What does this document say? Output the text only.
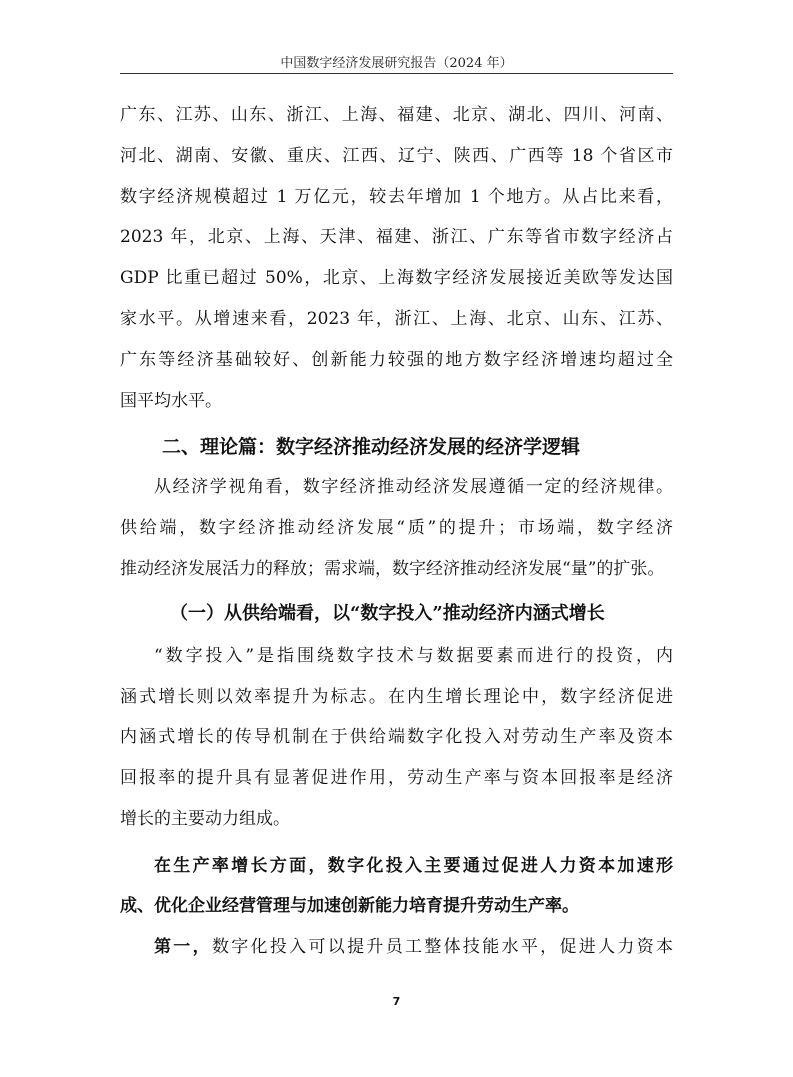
中国数字经济发展研究报告（2024 年）
广东、江苏、山东、浙江、上海、福建、北京、湖北、四川、河南、
河北、湖南、安徽、重庆、江西、辽宁、陕西、广西等 18 个省区市
数字经济规模超过 1 万亿元，较去年增加 1 个地方。从占比来看，
2023 年，北京、上海、天津、福建、浙江、广东等省市数字经济占
GDP 比重已超过 50%，北京、上海数字经济发展接近美欧等发达国
家水平。从增速来看，2023 年，浙江、上海、北京、山东、江苏、
广东等经济基础较好、创新能力较强的地方数字经济增速均超过全
国平均水平。
二、理论篇：数字经济推动经济发展的经济学逻辑
从经济学视角看，数字经济推动经济发展遵循一定的经济规律。
供给端，数字经济推动经济发展“质”的提升；市场端，数字经济
推动经济发展活力的释放；需求端，数字经济推动经济发展“量”的扩张。
（一）从供给端看，以“数字投入”推动经济内涵式增长
“数字投入”是指围绕数字技术与数据要素而进行的投资，内
涵式增长则以效率提升为标志。在内生增长理论中，数字经济促进
内涵式增长的传导机制在于供给端数字化投入对劳动生产率及资本
回报率的提升具有显著促进作用，劳动生产率与资本回报率是经济
增长的主要动力组成。
在生产率增长方面，数字化投入主要通过促进人力资本加速形
成、优化企业经营管理与加速创新能力培育提升劳动生产率。
第一，数字化投入可以提升员工整体技能水平，促进人力资本
7
